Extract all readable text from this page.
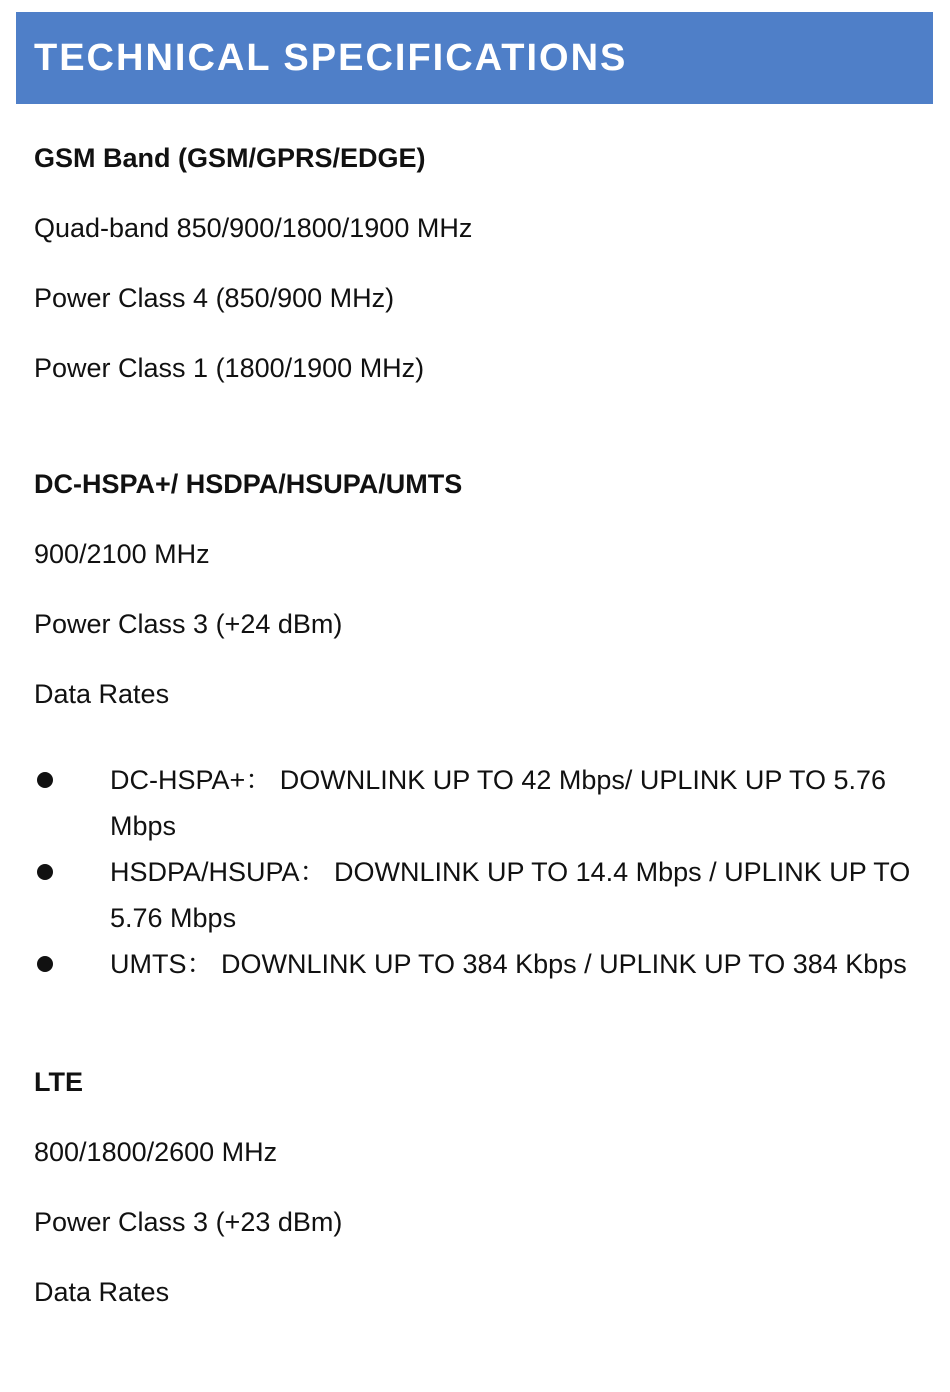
TECHNICAL SPECIFICATIONS
GSM Band (GSM/GPRS/EDGE)
Quad-band 850/900/1800/1900 MHz
Power Class 4 (850/900 MHz)
Power Class 1 (1800/1900 MHz)
DC-HSPA+/ HSDPA/HSUPA/UMTS
900/2100 MHz
Power Class 3 (+24 dBm)
Data Rates
DC-HSPA+： DOWNLINK UP TO 42 Mbps/ UPLINK UP TO 5.76 Mbps
HSDPA/HSUPA： DOWNLINK UP TO 14.4 Mbps / UPLINK UP TO 5.76 Mbps
UMTS： DOWNLINK UP TO 384 Kbps / UPLINK UP TO 384 Kbps
LTE
800/1800/2600 MHz
Power Class 3 (+23 dBm)
Data Rates
